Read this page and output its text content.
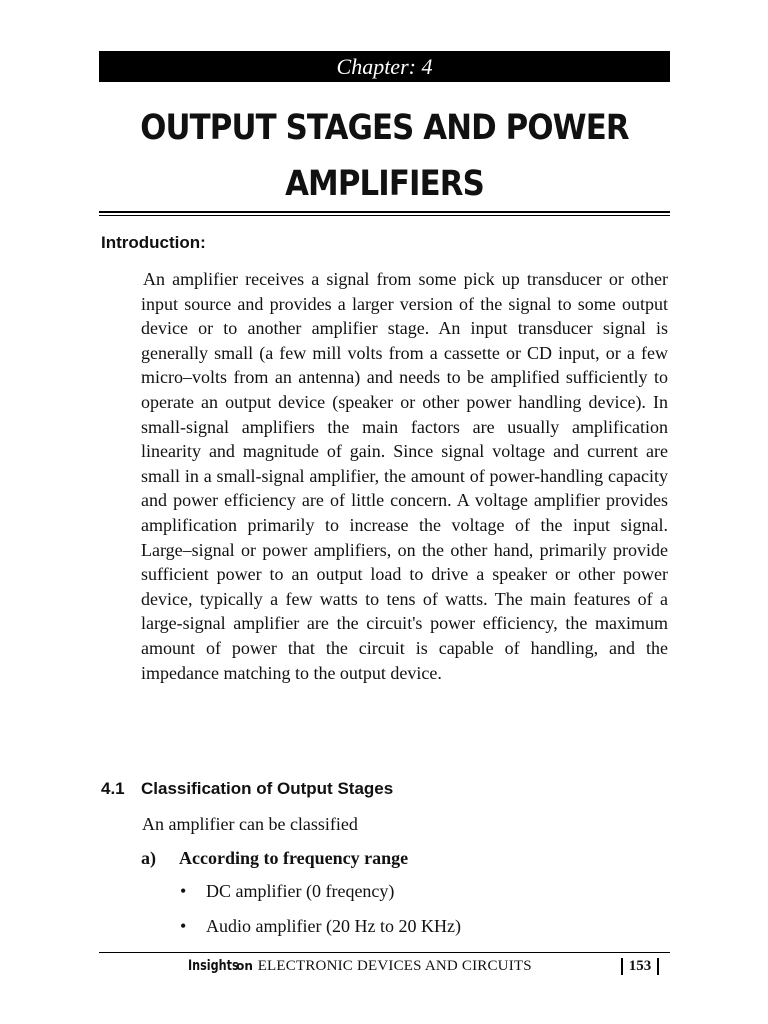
Chapter: 4
OUTPUT STAGES AND POWER
AMPLIFIERS
Introduction:

An amplifier receives a signal from some pick up transducer or other input source and provides a larger version of the signal to some output device or to another amplifier stage. An input transducer signal is generally small (a few mill volts from a cassette or CD input, or a few micro–volts from an antenna) and needs to be amplified sufficiently to operate an output device (speaker or other power handling device). In small-signal amplifiers the main factors are usually amplification linearity and magnitude of gain. Since signal voltage and current are small in a small-signal amplifier, the amount of power-handling capacity and power efficiency are of little concern. A voltage amplifier provides amplification primarily to increase the voltage of the input signal. Large–signal or power amplifiers, on the other hand, primarily provide sufficient power to an output load to drive a speaker or other power device, typically a few watts to tens of watts. The main features of a large-signal amplifier are the circuit's power efficiency, the maximum amount of power that the circuit is capable of handling, and the impedance matching to the output device.

4.1 Classification of Output Stages
An amplifier can be classified
a) According to frequency range
• DC amplifier (0 freqency)
• Audio amplifier (20 Hz to 20 KHz)
Insights on ELECTRONIC DEVICES AND CIRCUITS	153
